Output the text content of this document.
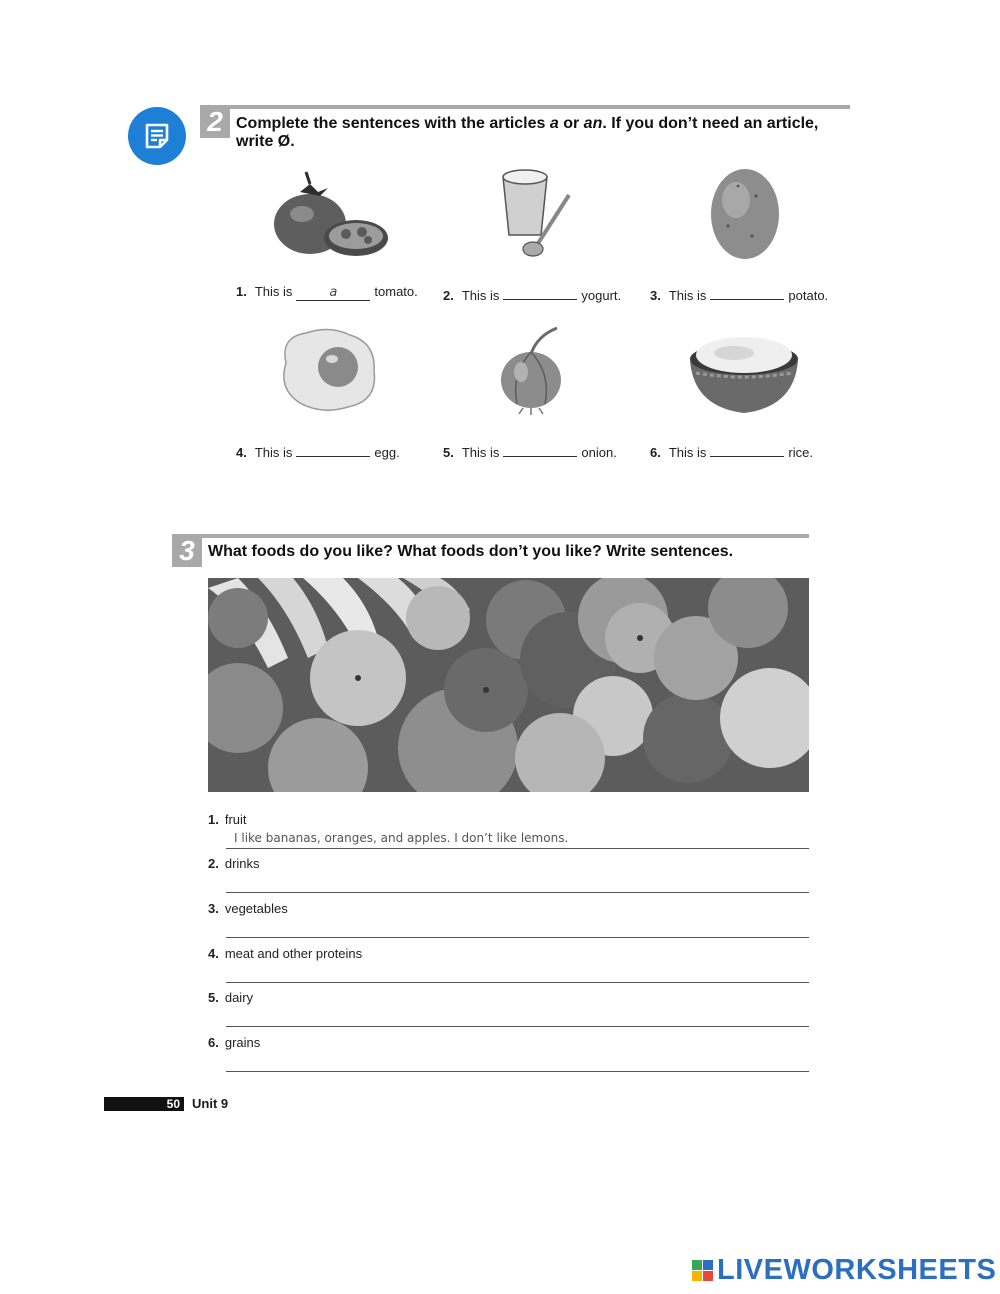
2 Complete the sentences with the articles a or an. If you don’t need an article,
write Ø.
1. This is	a	tomato. 2. This is	yogurt. 3. This is	potato.
4. This is	egg.	5. This is	onion.	6. This is	rice.
3 What foods do you like? What foods don’t you like? Write sentences.
1. fruit
I like bananas, oranges, and apples. I don’t like lemons.
2. drinks
3. vegetables
4. meat and other proteins
5. dairy
6. grains
50 Unit 9
LIVEWORKSHEETS
